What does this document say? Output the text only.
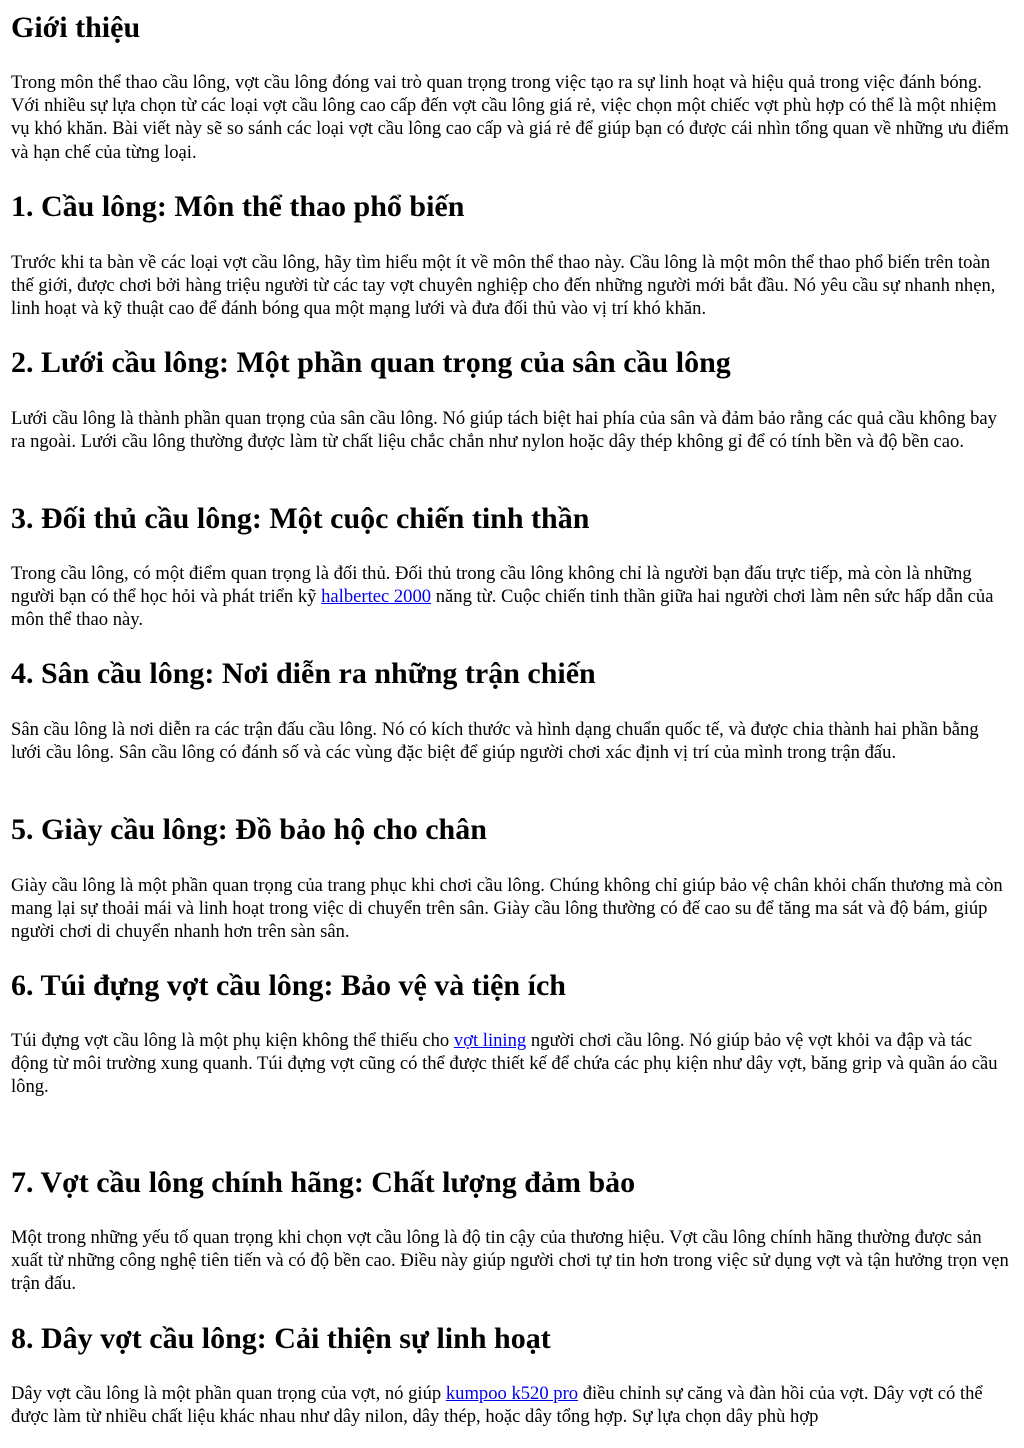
Giới thiệu

Trong môn thể thao cầu lông, vợt cầu lông đóng vai trò quan trọng trong việc tạo ra sự linh hoạt và hiệu quả trong việc đánh bóng. Với nhiều sự lựa chọn từ các loại vợt cầu lông cao cấp đến vợt cầu lông giá rẻ, việc chọn một chiếc vợt phù hợp có thể là một nhiệm vụ khó khăn. Bài viết này sẽ so sánh các loại vợt cầu lông cao cấp và giá rẻ để giúp bạn có được cái nhìn tổng quan về những ưu điểm và hạn chế của từng loại.

1. Cầu lông: Môn thể thao phổ biến

Trước khi ta bàn về các loại vợt cầu lông, hãy tìm hiểu một ít về môn thể thao này. Cầu lông là một môn thể thao phổ biến trên toàn thế giới, được chơi bởi hàng triệu người từ các tay vợt chuyên nghiệp cho đến những người mới bắt đầu. Nó yêu cầu sự nhanh nhẹn, linh hoạt và kỹ thuật cao để đánh bóng qua một mạng lưới và đưa đối thủ vào vị trí khó khăn.

2. Lưới cầu lông: Một phần quan trọng của sân cầu lông

Lưới cầu lông là thành phần quan trọng của sân cầu lông. Nó giúp tách biệt hai phía của sân và đảm bảo rằng các quả cầu không bay ra ngoài. Lưới cầu lông thường được làm từ chất liệu chắc chắn như nylon hoặc dây thép không gỉ để có tính bền và độ bền cao.

3. Đối thủ cầu lông: Một cuộc chiến tinh thần

Trong cầu lông, có một điểm quan trọng là đối thủ. Đối thủ trong cầu lông không chỉ là người bạn đấu trực tiếp, mà còn là những người bạn có thể học hỏi và phát triển kỹ halbertec 2000 năng từ. Cuộc chiến tinh thần giữa hai người chơi làm nên sức hấp dẫn của môn thể thao này.

4. Sân cầu lông: Nơi diễn ra những trận chiến

Sân cầu lông là nơi diễn ra các trận đấu cầu lông. Nó có kích thước và hình dạng chuẩn quốc tế, và được chia thành hai phần bằng lưới cầu lông. Sân cầu lông có đánh số và các vùng đặc biệt để giúp người chơi xác định vị trí của mình trong trận đấu.

5. Giày cầu lông: Đồ bảo hộ cho chân

Giày cầu lông là một phần quan trọng của trang phục khi chơi cầu lông. Chúng không chỉ giúp bảo vệ chân khỏi chấn thương mà còn mang lại sự thoải mái và linh hoạt trong việc di chuyển trên sân. Giày cầu lông thường có đế cao su để tăng ma sát và độ bám, giúp người chơi di chuyển nhanh hơn trên sàn sân.

6. Túi đựng vợt cầu lông: Bảo vệ và tiện ích

Túi đựng vợt cầu lông là một phụ kiện không thể thiếu cho vợt lining người chơi cầu lông. Nó giúp bảo vệ vợt khỏi va đập và tác động từ môi trường xung quanh. Túi đựng vợt cũng có thể được thiết kế để chứa các phụ kiện như dây vợt, băng grip và quần áo cầu lông.

7. Vợt cầu lông chính hãng: Chất lượng đảm bảo

Một trong những yếu tố quan trọng khi chọn vợt cầu lông là độ tin cậy của thương hiệu. Vợt cầu lông chính hãng thường được sản xuất từ những công nghệ tiên tiến và có độ bền cao. Điều này giúp người chơi tự tin hơn trong việc sử dụng vợt và tận hưởng trọn vẹn trận đấu.

8. Dây vợt cầu lông: Cải thiện sự linh hoạt

Dây vợt cầu lông là một phần quan trọng của vợt, nó giúp kumpoo k520 pro điều chỉnh sự căng và đàn hồi của vợt. Dây vợt có thể được làm từ nhiều chất liệu khác nhau như dây nilon, dây thép, hoặc dây tổng hợp. Sự lựa chọn dây phù hợp
